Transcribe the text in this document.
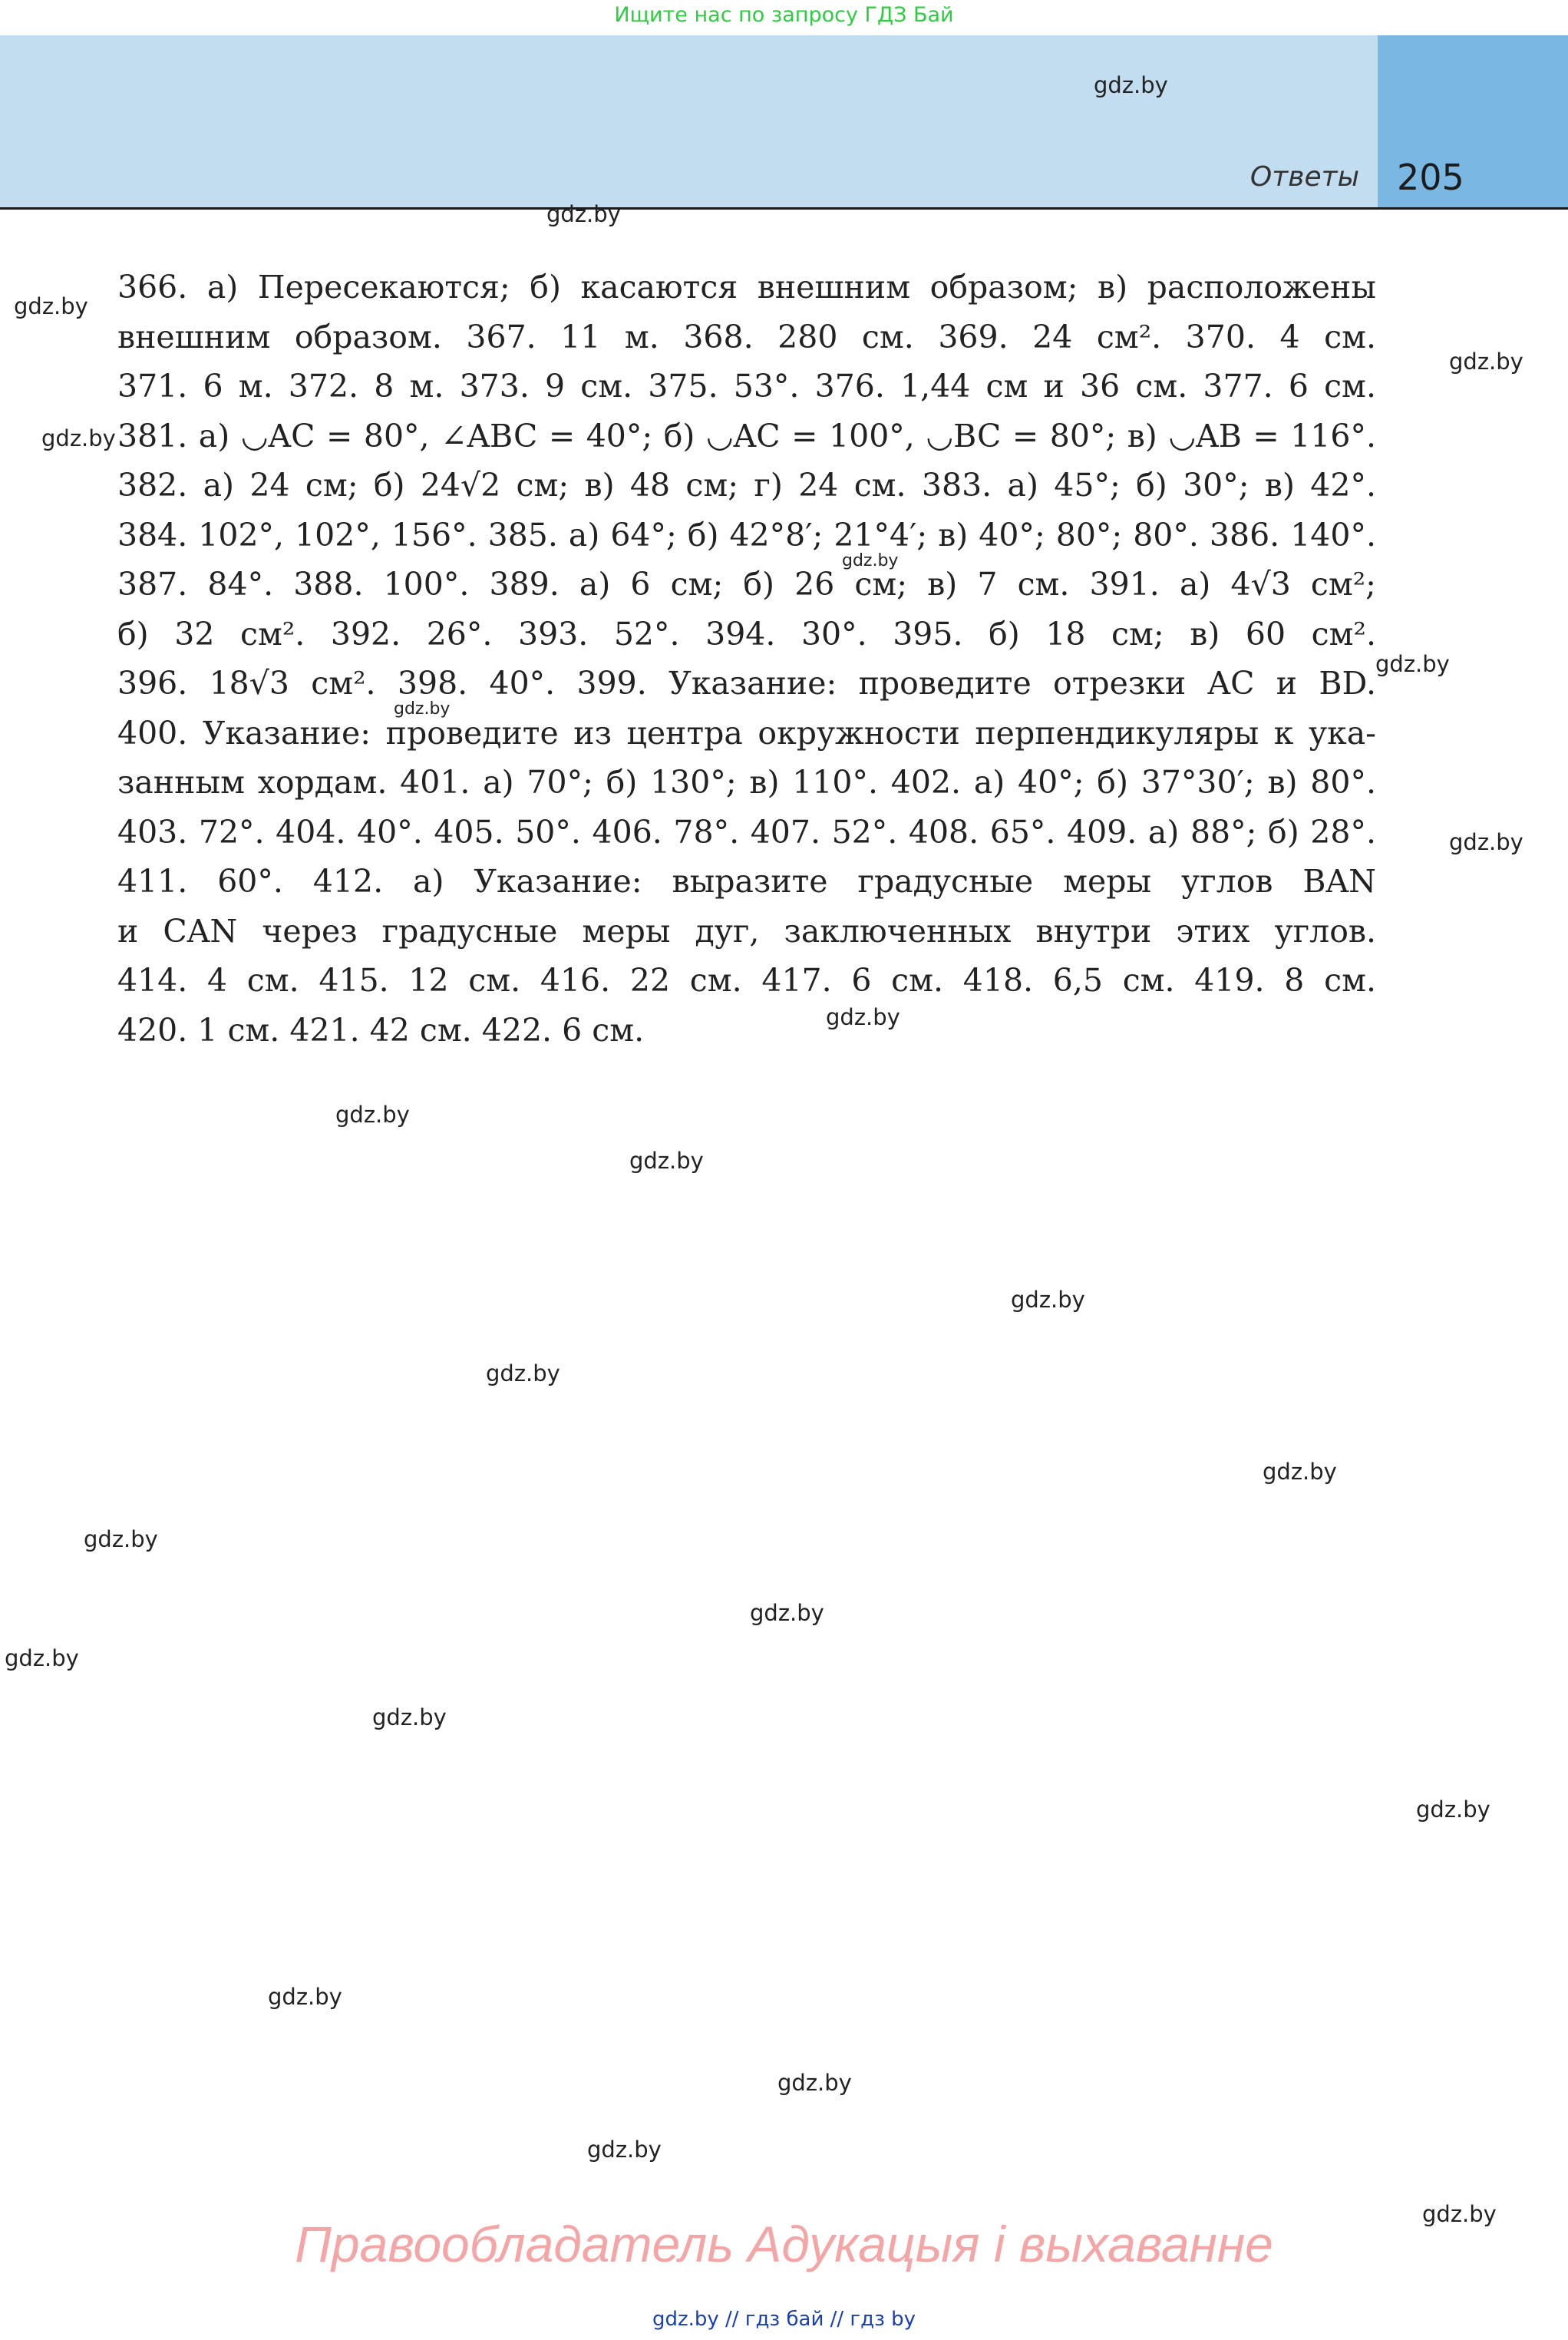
Ищите нас по запросу ГДЗ Бай
Ответы 205
366. а) Пересекаются; б) касаются внешним образом; в) расположены
внешним образом. 367. 11 м. 368. 280 см. 369. 24 см². 370. 4 см.
371. 6 м. 372. 8 м. 373. 9 см. 375. 53°. 376. 1,44 см и 36 см. 377. 6 см.
381. а) ◡AC = 80°, ∠ABC = 40°; б) ◡AC = 100°, ◡BC = 80°; в) ◡AB = 116°.
382. а) 24 см; б) 24√2 см; в) 48 см; г) 24 см. 383. а) 45°; б) 30°; в) 42°.
384. 102°, 102°, 156°. 385. а) 64°; б) 42°8′; 21°4′; в) 40°; 80°; 80°. 386. 140°.
387. 84°. 388. 100°. 389. а) 6 см; б) 26 см; в) 7 см. 391. а) 4√3 см²;
б) 32 см². 392. 26°. 393. 52°. 394. 30°. 395. б) 18 см; в) 60 см².
396. 18√3 см². 398. 40°. 399. Указание: проведите отрезки AC и BD.
400. Указание: проведите из центра окружности перпендикуляры к ука-
занным хордам. 401. а) 70°; б) 130°; в) 110°. 402. а) 40°; б) 37°30′; в) 80°.
403. 72°. 404. 40°. 405. 50°. 406. 78°. 407. 52°. 408. 65°. 409. а) 88°; б) 28°.
411. 60°. 412. а) Указание: выразите градусные меры углов BAN
и CAN через градусные меры дуг, заключенных внутри этих углов.
414. 4 см. 415. 12 см. 416. 22 см. 417. 6 см. 418. 6,5 см. 419. 8 см.
420. 1 см. 421. 42 см. 422. 6 см.
gdz.by
gdz.by
gdz.by
gdz.by
gdz.by
gdz.by
gdz.by
gdz.by
gdz.by
gdz.by
gdz.by
gdz.by
gdz.by
gdz.by
gdz.by
gdz.by
gdz.by
gdz.by
gdz.by
gdz.by
gdz.by
gdz.by
gdz.by
gdz.by
Правообладатель Адукацыя і выхаванне
gdz.by // гдз бай // гдз by
